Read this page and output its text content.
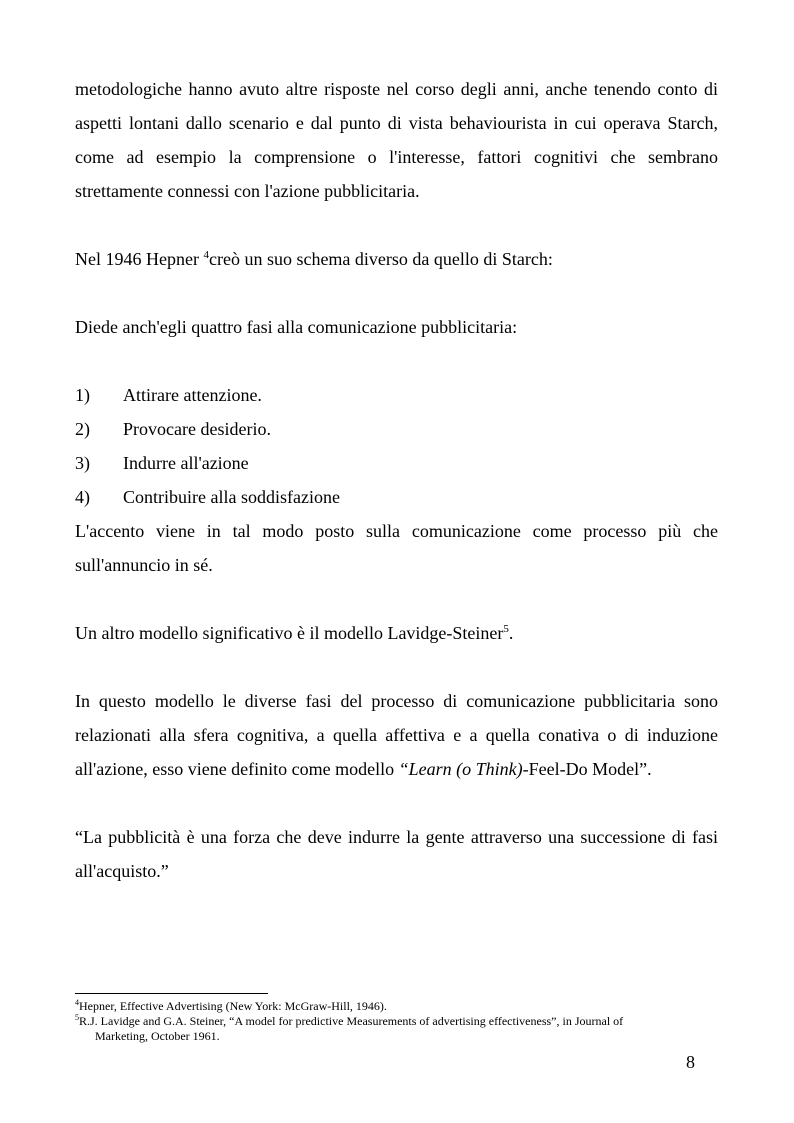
metodologiche hanno avuto altre risposte nel corso degli anni, anche tenendo conto di aspetti lontani dallo scenario e dal punto di vista behaviourista in cui operava Starch, come ad esempio la comprensione o l'interesse, fattori cognitivi che sembrano strettamente connessi con l'azione pubblicitaria.

Nel 1946 Hepner $^4$creò un suo schema diverso da quello di Starch:

Diede anch'egli quattro fasi alla comunicazione pubblicitaria:

1)	Attirare attenzione.
2)	Provocare desiderio.
3)	Indurre all'azione
4)	Contribuire alla soddisfazione

L'accento viene in tal modo posto sulla comunicazione come processo più che sull'annuncio in sé.

Un altro modello significativo è il modello Lavidge-Steiner$^5$.

In questo modello le diverse fasi del processo di comunicazione pubblicitaria sono relazionati alla sfera cognitiva, a quella affettiva e a quella conativa o di induzione all'azione, esso viene definito come modello “Learn (o Think)-Feel-Do Model”.

“La pubblicità è una forza che deve indurre la gente attraverso una successione di fasi all'acquisto.”

$^4$Hepner, Effective Advertising (New York: McGraw-Hill, 1946).

$^5$R.J. Lavidge and G.A. Steiner, “A model for predictive Measurements of advertising effectiveness”, in Journal of
Marketing, October 1961.

8
